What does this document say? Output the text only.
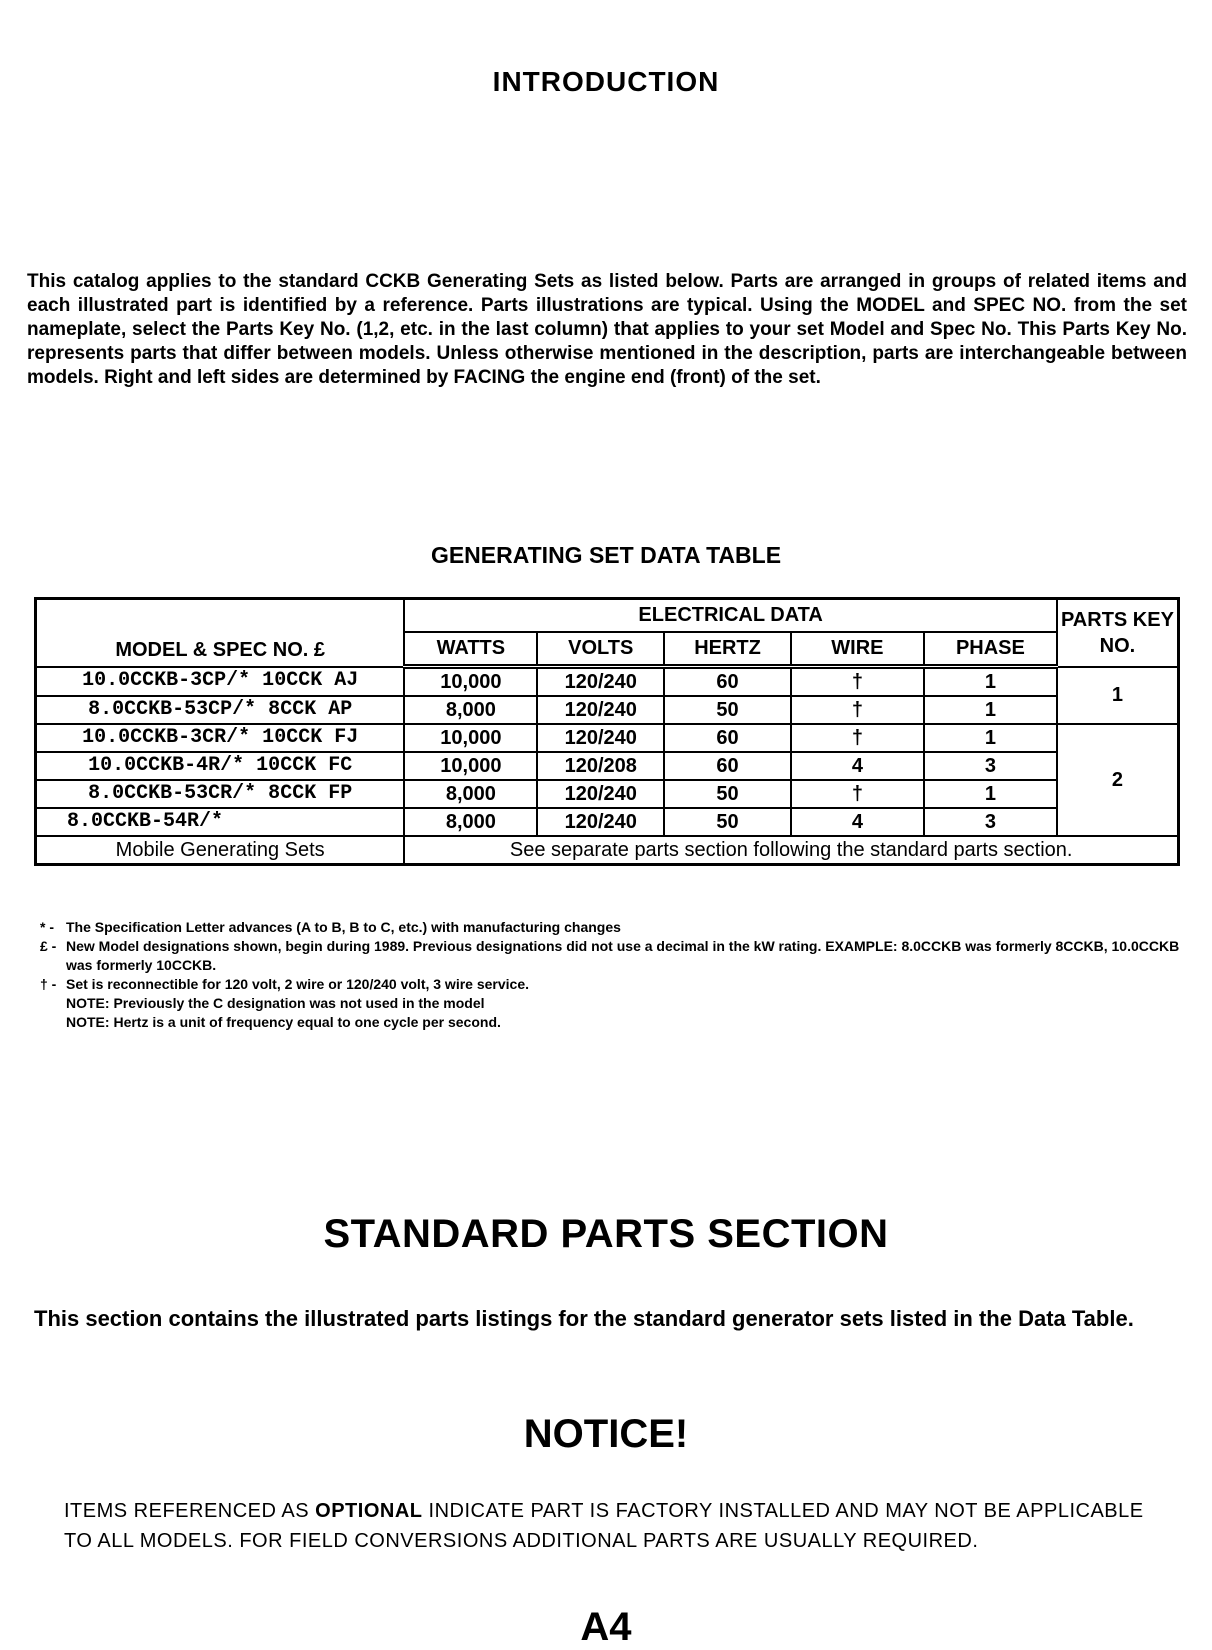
INTRODUCTION

This catalog applies to the standard CCKB Generating Sets as listed below. Parts are arranged in groups of related items and each illustrated part is identified by a reference. Parts illustrations are typical. Using the MODEL and SPEC NO. from the set nameplate, select the Parts Key No. (1,2, etc. in the last column) that applies to your set Model and Spec No. This Parts Key No. represents parts that differ between models. Unless otherwise mentioned in the description, parts are interchangeable between models. Right and left sides are determined by FACING the engine end (front) of the set.

GENERATING SET DATA TABLE
MODEL & SPEC NO. £	ELECTRICAL DATA					PARTS KEY NO.
	WATTS	VOLTS	HERTZ	WIRE	PHASE	
10.0CCKB-3CP/* 10CCK AJ	10,000	120/240	60	†	1	1
8.0CCKB-53CP/* 8CCK AP	8,000	120/240	50	†	1	
10.0CCKB-3CR/* 10CCK FJ	10,000	120/240	60	†	1	2
10.0CCKB-4R/* 10CCK FC	10,000	120/208	60	4	3	
8.0CCKB-53CR/* 8CCK FP	8,000	120/240	50	†	1	
8.0CCKB-54R/*	8,000	120/240	50	4	3	
Mobile Generating Sets	See separate parts section following the standard parts section.					
* - The Specification Letter advances (A to B, B to C, etc.) with manufacturing changes
£ - New Model designations shown, begin during 1989. Previous designations did not use a decimal in the kW rating. EXAMPLE: 8.0CCKB was formerly 8CCKB, 10.0CCKB was formerly 10CCKB.
† - Set is reconnectible for 120 volt, 2 wire or 120/240 volt, 3 wire service.
NOTE: Previously the C designation was not used in the model
NOTE: Hertz is a unit of frequency equal to one cycle per second.
STANDARD PARTS SECTION

This section contains the illustrated parts listings for the standard generator sets listed in the Data Table.

NOTICE!

ITEMS REFERENCED AS OPTIONAL INDICATE PART IS FACTORY INSTALLED AND MAY NOT BE APPLICABLE TO ALL MODELS. FOR FIELD CONVERSIONS ADDITIONAL PARTS ARE USUALLY REQUIRED.

A4
